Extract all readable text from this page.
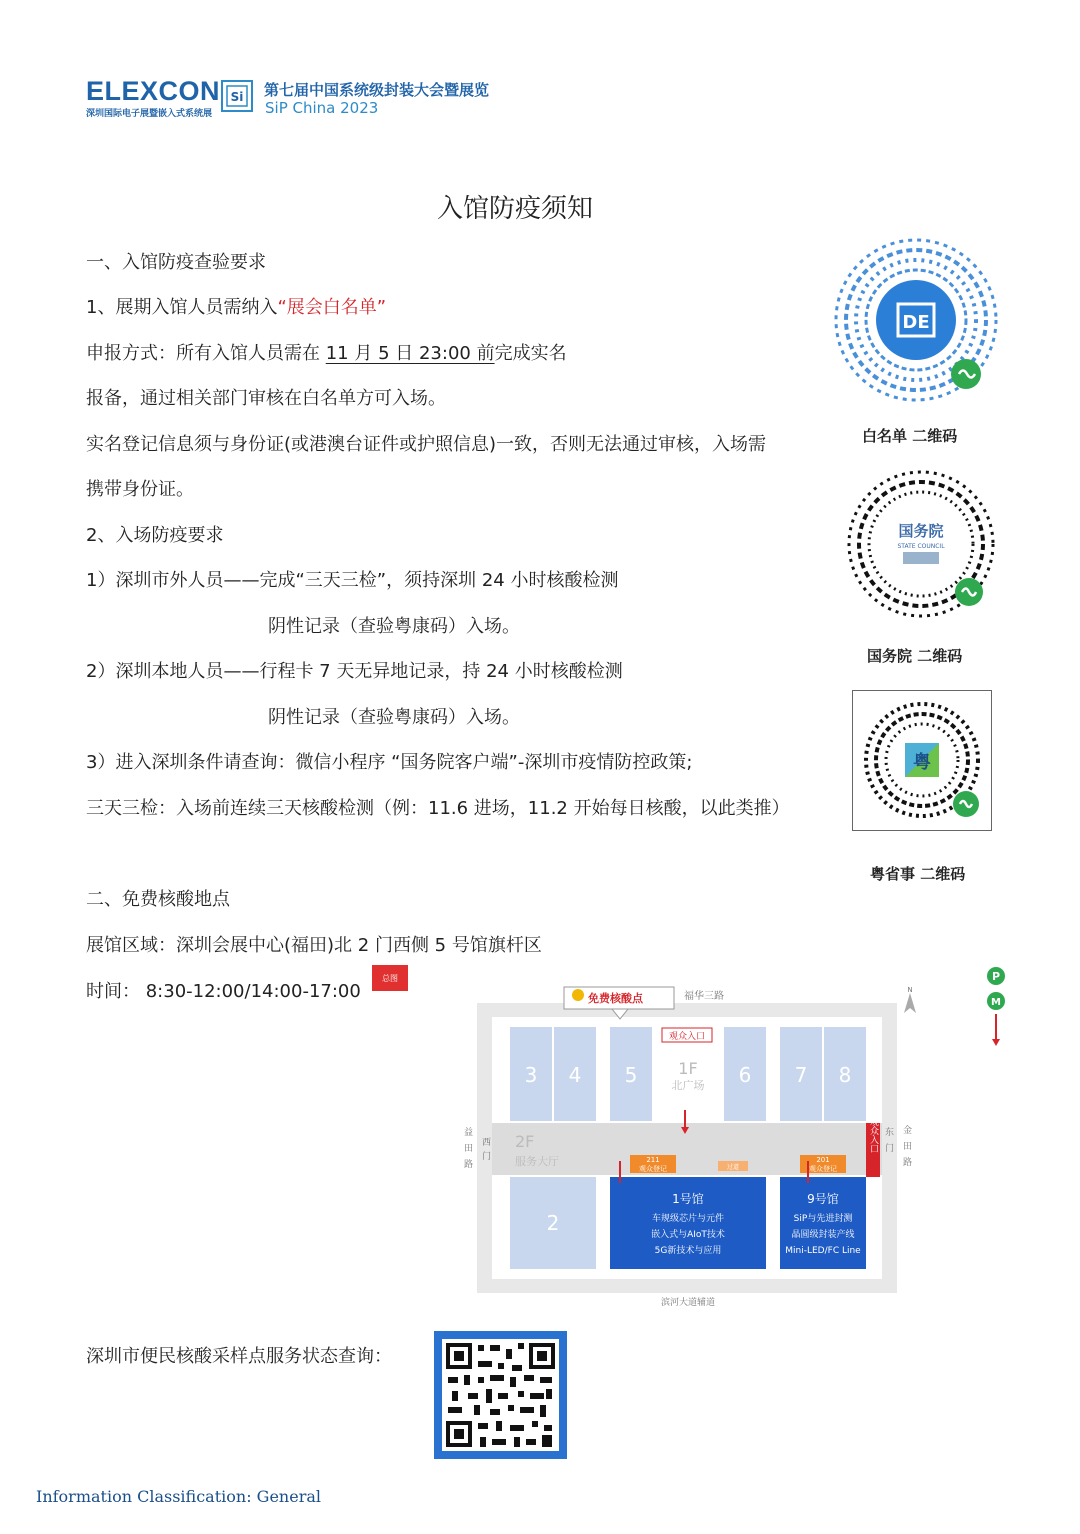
ELEXCON
深圳国际电子展暨嵌入式系统展
Si 第七届中国系统级封装大会暨展览
SiP China 2023
入馆防疫须知
一、入馆防疫查验要求
1、展期入馆人员需纳入“展会白名单”
申报方式：所有入馆人员需在 11 月 5 日 23:00 前完成实名
报备，通过相关部门审核在白名单方可入场。
实名登记信息须与身份证(或港澳台证件或护照信息)一致，否则无法通过审核，入场需
携带身份证。
2、入场防疫要求
1）深圳市外人员——完成“三天三检”，须持深圳 24 小时核酸检测
阴性记录（查验粤康码）入场。
2）深圳本地人员——行程卡 7 天无异地记录，持 24 小时核酸检测
阴性记录（查验粤康码）入场。
3）进入深圳条件请查询：微信小程序 “国务院客户端”-深圳市疫情防控政策;
三天三检：入场前连续三天核酸检测（例：11.6 进场，11.2 开始每日核酸，以此类推）
DE
白名单 二维码
国务院
STATE COUNCIL
国务院 二维码
粤
粤省事 二维码
二、免费核酸地点
展馆区域：深圳会展中心(福田)北 2 门西侧 5 号馆旗杆区
时间： 8:30-12:00/14:00-17:00
总图
3 4 5	6 7 8
1F
北广场
观众入口
2F
服务大厅	211
观众登记	过道
201
观众登记
观众入口
2
1号馆
车规级芯片与元件
嵌入式与AIoT技术
5G新技术与应用
9号馆
SiP与先进封测
晶圆级封装产线
Mini-LED/FC Line
免费核酸点	福华三路
滨河大道辅道
益
田
路
西
门
东
门
金
田
路
N
P
M
深圳市便民核酸采样点服务状态查询：
Information Classification: General
